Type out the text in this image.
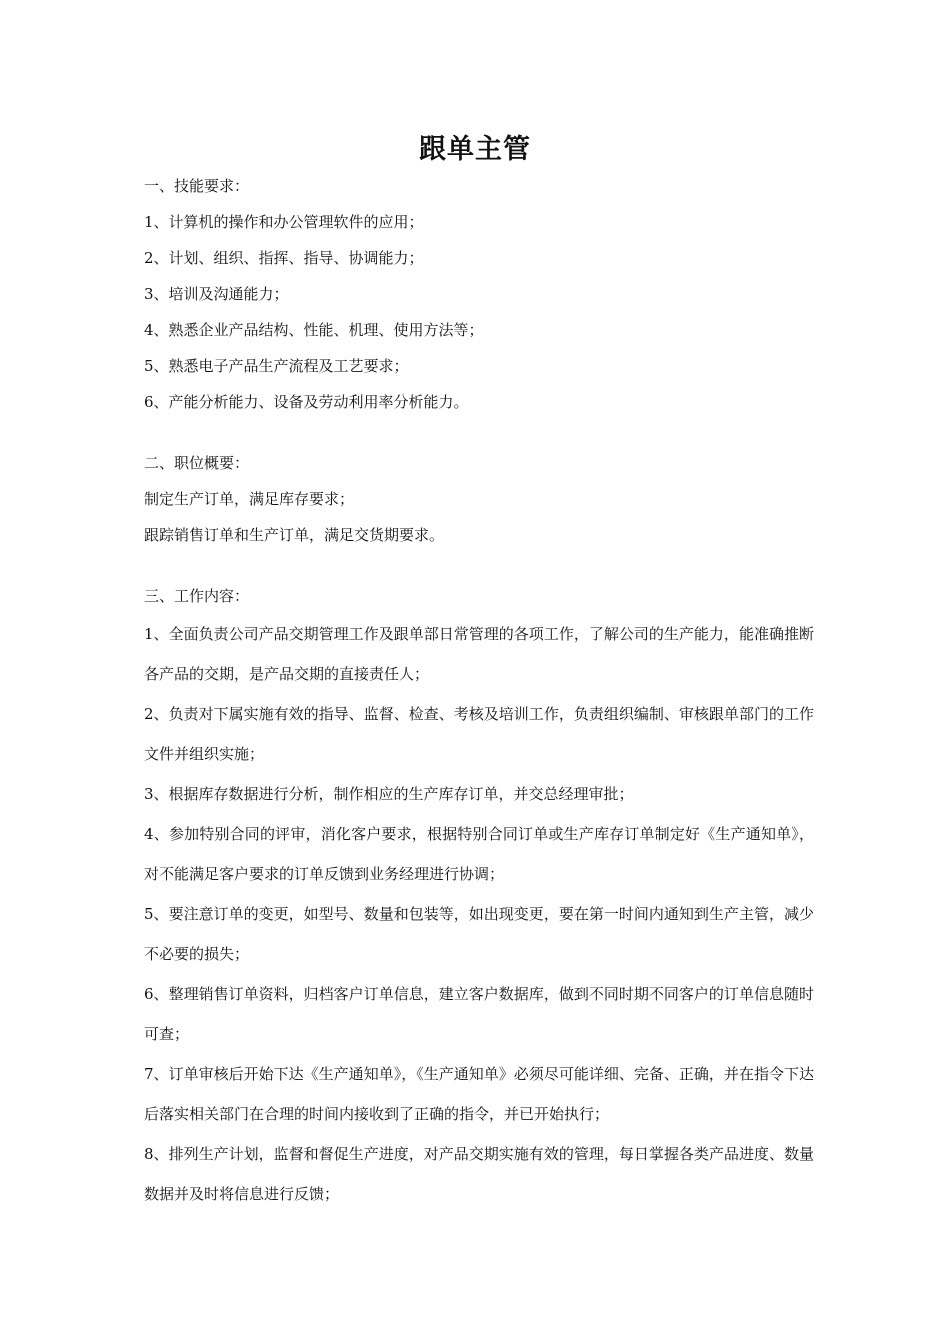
跟单主管
一、技能要求：
1、计算机的操作和办公管理软件的应用；
2、计划、组织、指挥、指导、协调能力；
3、培训及沟通能力；
4、熟悉企业产品结构、性能、机理、使用方法等；
5、熟悉电子产品生产流程及工艺要求；
6、产能分析能力、设备及劳动利用率分析能力。
二、职位概要：
制定生产订单，满足库存要求；
跟踪销售订单和生产订单，满足交货期要求。
三、工作内容：
1、全面负责公司产品交期管理工作及跟单部日常管理的各项工作，了解公司的生产能力，能准确推断各产品的交期，是产品交期的直接责任人；
2、负责对下属实施有效的指导、监督、检查、考核及培训工作，负责组织编制、审核跟单部门的工作文件并组织实施；
3、根据库存数据进行分析，制作相应的生产库存订单，并交总经理审批；
4、参加特别合同的评审，消化客户要求，根据特别合同订单或生产库存订单制定好《生产通知单》，对不能满足客户要求的订单反馈到业务经理进行协调；
5、要注意订单的变更，如型号、数量和包装等，如出现变更，要在第一时间内通知到生产主管，减少不必要的损失；
6、整理销售订单资料，归档客户订单信息，建立客户数据库，做到不同时期不同客户的订单信息随时可查；
7、订单审核后开始下达《生产通知单》，《生产通知单》必须尽可能详细、完备、正确，并在指令下达后落实相关部门在合理的时间内接收到了正确的指令，并已开始执行；
8、排列生产计划，监督和督促生产进度，对产品交期实施有效的管理，每日掌握各类产品进度、数量数据并及时将信息进行反馈；
